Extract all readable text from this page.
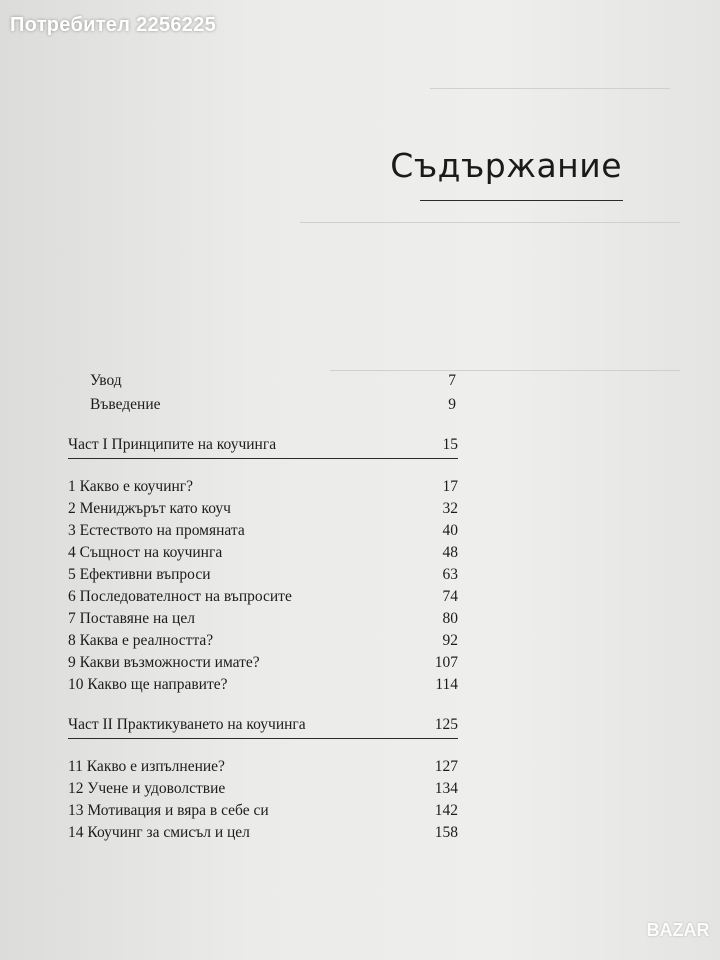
Потребител 2256225
Съдържание
Увод	7
Въведение	9
Част I Принципите на коучинга	15
1 Какво е коучинг?	17
2 Мениджърът като коуч	32
3 Естеството на промяната	40
4 Същност на коучинга	48
5 Ефективни въпроси	63
6 Последователност на въпросите	74
7 Поставяне на цел	80
8 Каква е реалността?	92
9 Какви възможности имате?	107
10 Какво ще направите?	114
Част II Практикуването на коучинга	125
11 Какво е изпълнение?	127
12 Учене и удоволствие	134
13 Мотивация и вяра в себе си	142
14 Коучинг за смисъл и цел	158
BAZAR
